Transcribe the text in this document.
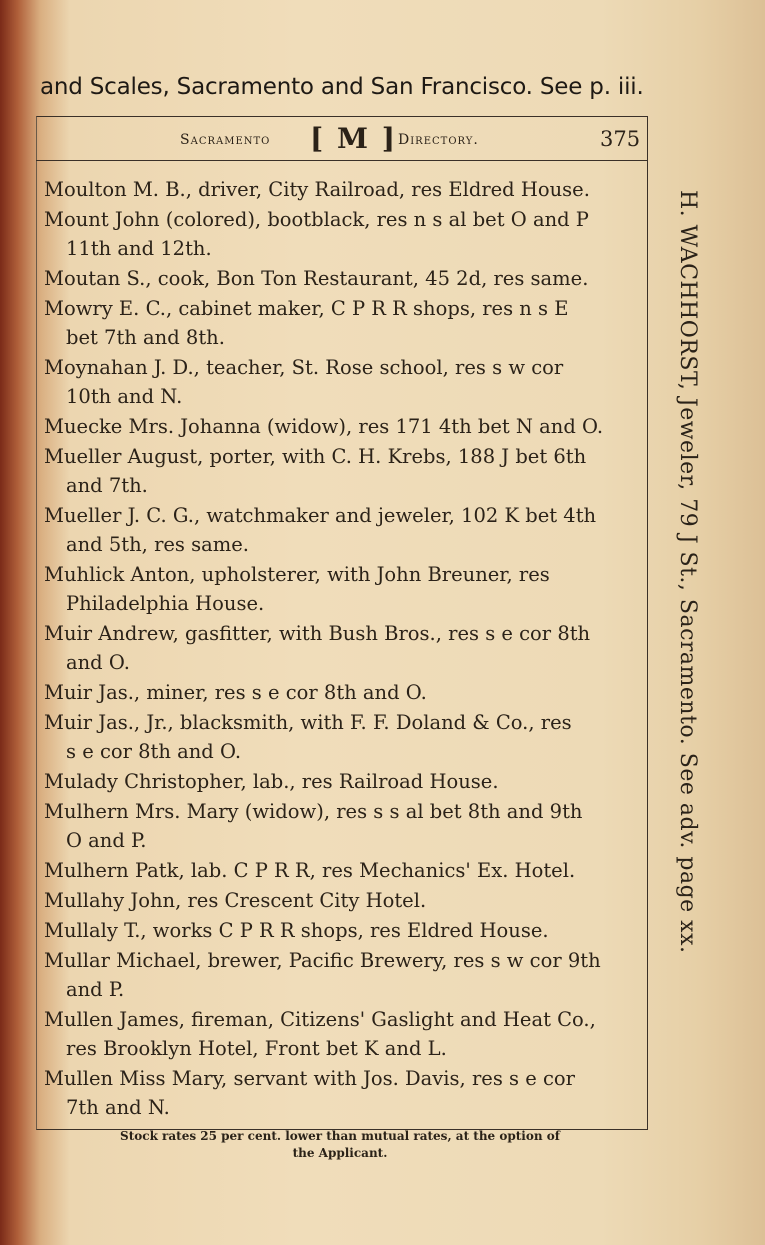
and Scales, Sacramento and San Francisco. See p. iii.
Sacramento [ M ] Directory.	375
Moulton M. B., driver, City Railroad, res Eldred House.
Mount John (colored), bootblack, res n s al bet O and P
11th and 12th.
Moutan S., cook, Bon Ton Restaurant, 45 2d, res same.
Mowry E. C., cabinet maker, C P R R shops, res n s E
bet 7th and 8th.
Moynahan J. D., teacher, St. Rose school, res s w cor
10th and N.
Muecke Mrs. Johanna (widow), res 171 4th bet N and O.
Mueller August, porter, with C. H. Krebs, 188 J bet 6th
and 7th.
Mueller J. C. G., watchmaker and jeweler, 102 K bet 4th
and 5th, res same.
Muhlick Anton, upholsterer, with John Breuner, res
Philadelphia House.
Muir Andrew, gasfitter, with Bush Bros., res s e cor 8th
and O.
Muir Jas., miner, res s e cor 8th and O.
Muir Jas., Jr., blacksmith, with F. F. Doland & Co., res
s e cor 8th and O.
Mulady Christopher, lab., res Railroad House.
Mulhern Mrs. Mary (widow), res s s al bet 8th and 9th
O and P.
Mulhern Patk, lab. C P R R, res Mechanics' Ex. Hotel.
Mullahy John, res Crescent City Hotel.
Mullaly T., works C P R R shops, res Eldred House.
Mullar Michael, brewer, Pacific Brewery, res s w cor 9th
and P.
Mullen James, fireman, Citizens' Gaslight and Heat Co.,
res Brooklyn Hotel, Front bet K and L.
Mullen Miss Mary, servant with Jos. Davis, res s e cor
7th and N.
H. WACHHORST, Jeweler, 79 J St., Sacramento. See adv. page xx.
Stock rates 25 per cent. lower than mutual rates, at the option of
the Applicant.
